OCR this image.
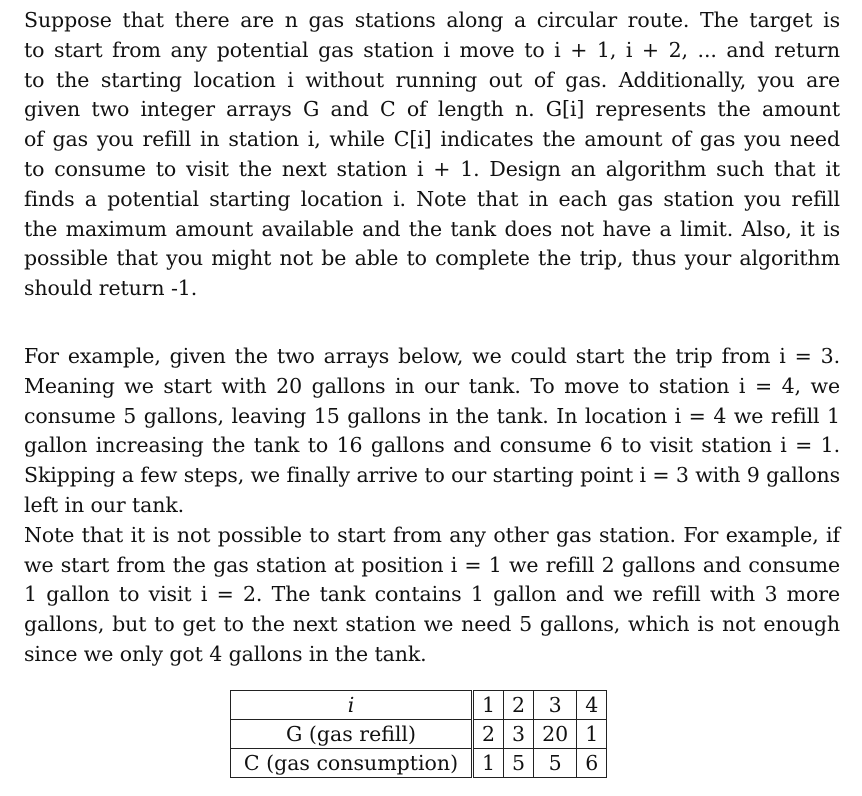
Suppose that there are n gas stations along a circular route. The target is
to start from any potential gas station i move to i + 1, i + 2, ... and return
to the starting location i without running out of gas. Additionally, you are
given two integer arrays G and C of length n. G[i] represents the amount
of gas you refill in station i, while C[i] indicates the amount of gas you need
to consume to visit the next station i + 1. Design an algorithm such that it
finds a potential starting location i. Note that in each gas station you refill
the maximum amount available and the tank does not have a limit. Also, it is
possible that you might not be able to complete the trip, thus your algorithm
should return -1.

For example, given the two arrays below, we could start the trip from i = 3.
Meaning we start with 20 gallons in our tank. To move to station i = 4, we
consume 5 gallons, leaving 15 gallons in the tank. In location i = 4 we refill 1
gallon increasing the tank to 16 gallons and consume 6 to visit station i = 1.
Skipping a few steps, we finally arrive to our starting point i = 3 with 9 gallons
left in our tank.

Note that it is not possible to start from any other gas station. For example, if
we start from the gas station at position i = 1 we refill 2 gallons and consume
1 gallon to visit i = 2. The tank contains 1 gallon and we refill with 3 more
gallons, but to get to the next station we need 5 gallons, which is not enough
since we only got 4 gallons in the tank.

i	1	2	3	4
G (gas refill)	2	3	20	1
C (gas consumption)	1	5	5	6
